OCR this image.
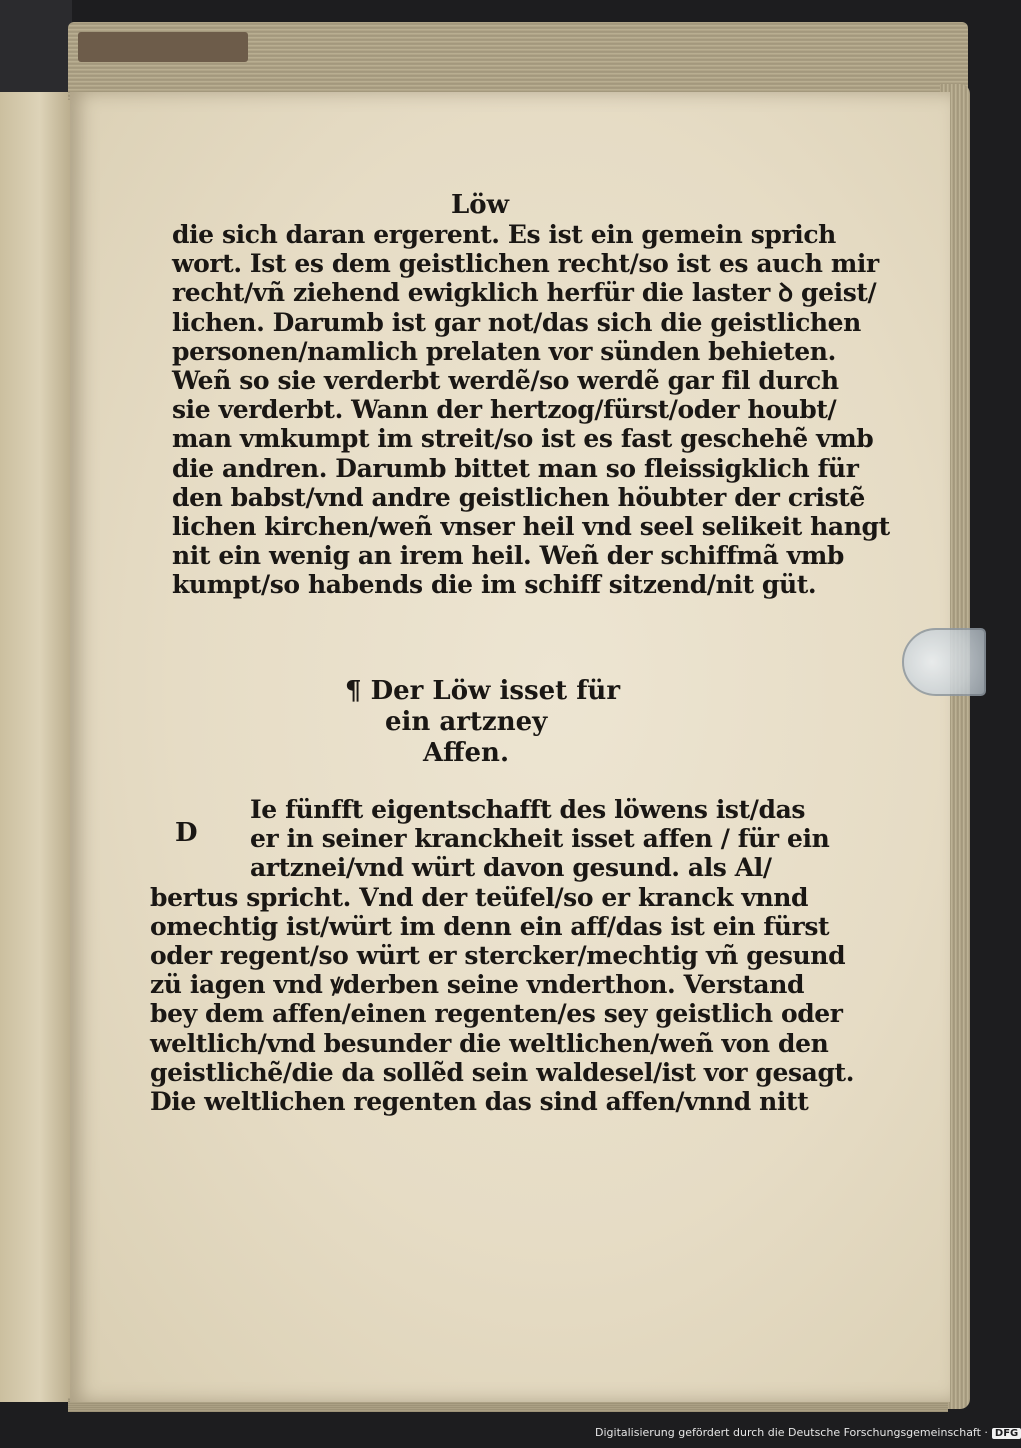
Löw
die sich daran ergerent. Es ist ein gemein sprich
wort. Ist es dem geistlichen recht/so ist es auch mir
recht/vñ ziehend ewigklich herfür die laster ꝺ geist/
lichen. Darumb ist gar not/das sich die geistlichen
personen/namlich prelaten vor sünden behieten.
Weñ so sie verderbt werdẽ/so werdẽ gar fil durch
sie verderbt. Wann der hertzog/fürst/oder houbt/
man vmkumpt im streit/so ist es fast geschehẽ vmb
die andren. Darumb bittet man so fleissigklich für
den babst/vnd andre geistlichen höubter der cristẽ
lichen kirchen/weñ vnser heil vnd seel selikeit hangt
nit ein wenig an irem heil. Weñ der schiffmã vmb
kumpt/so habends die im schiff sitzend/nit güt.
¶ Der Löw isset für
ein artzney
Affen.
D
Ie fünfft eigentschafft des löwens ist/das
er in seiner kranckheit isset affen / für ein
artznei/vnd würt davon gesund. als Al/
bertus spricht. Vnd der teüfel/so er kranck vnnd
omechtig ist/würt im denn ein aff/das ist ein fürst
oder regent/so würt er stercker/mechtig vñ gesund
zü iagen vnd ꝟderben seine vnderthon. Verstand
bey dem affen/einen regenten/es sey geistlich oder
weltlich/vnd besunder die weltlichen/weñ von den
geistlichẽ/die da sollẽd sein waldesel/ist vor gesagt.
Die weltlichen regenten das sind affen/vnnd nitt
Digitalisierung gefördert durch die Deutsche Forschungsgemeinschaft · DFG
